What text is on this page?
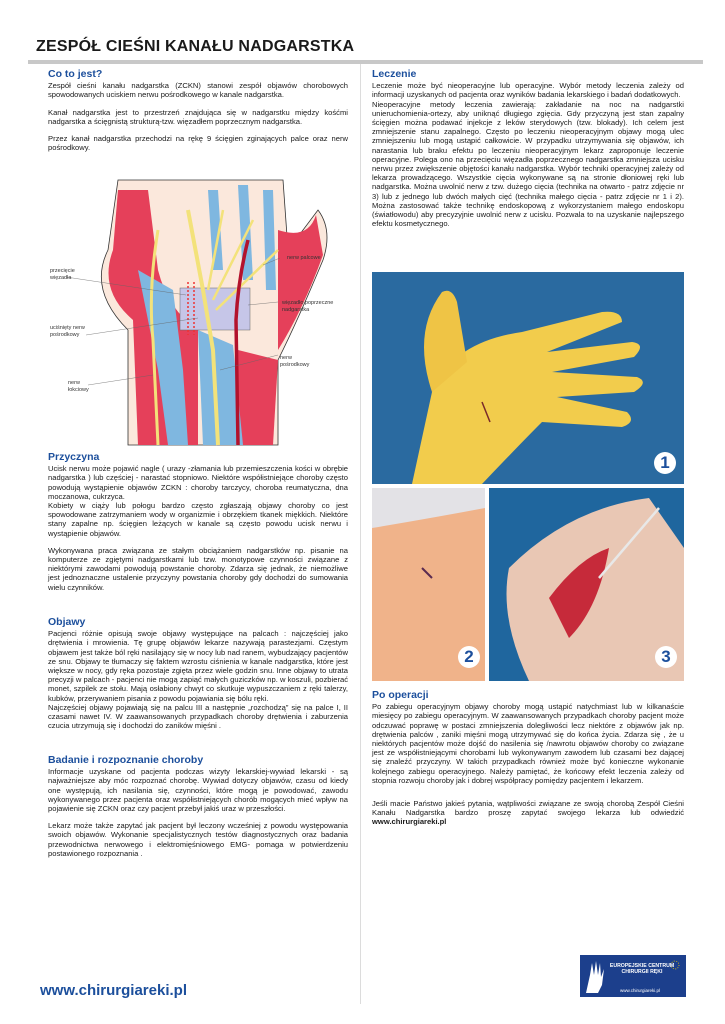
ZESPÓŁ CIEŚNI KANAŁU NADGARSTKA
Co to jest?

Zespół cieśni kanału nadgarstka (ZCKN) stanowi zespół objawów chorobowych spowodowanych uciskiem nerwu pośrodkowego w kanale nadgarstka.

Kanał nadgarstka jest to przestrzeń znajdująca się w nadgarstku między kośćmi nadgarstka a ścięgnistą strukturą-tzw. więzadłem poprzecznym nadgarstka.

Przez kanał nadgarstka przechodzi na rękę 9 ścięgien zginających palce oraz nerw pośrodkowy.

nerw palcowe
przecięcie więzadła
więzadło poprzeczne nadgarstka
uciśnięty nerw pośrodkowy
nerw pośrodkowy
nerw łokciowy
Przyczyna

Ucisk nerwu może pojawić nagle ( urazy -złamania lub przemieszczenia kości w obrębie nadgarstka ) lub częściej - narastać stopniowo. Niektóre współistniejące choroby często powodują wystąpienie objawów ZCKN : choroby tarczycy, choroba reumatyczna, dna moczanowa, cukrzyca.

Kobiety w ciąży lub połogu bardzo często zgłaszają objawy choroby co jest spowodowane zatrzymaniem wody w organizmie i obrzękiem tkanek miękkich. Niektóre stany zapalne np. ścięgien leżących w kanale są często powodu ucisk nerwu i wystąpienie objawów.

Wykonywana praca związana ze stałym obciążaniem nadgarstków np. pisanie na komputerze ze zgiętymi nadgarstkami lub tzw. monotypowe czynności związane z niektórymi zawodami powodują powstanie choroby. Zdarza się jednak, że niemożliwe jest jednoznaczne ustalenie przyczyny powstania choroby gdy dochodzi do sumowania wielu czynników.

Objawy

Pacjenci różnie opisują swoje objawy występujące na palcach : najczęściej jako drętwienia i mrowienia. Tę grupę objawów lekarze nazywają parastezjami. Częstym objawem jest także ból ręki nasilający się w nocy lub nad ranem, wybudzający pacjentów ze snu. Objawy te tłumaczy się faktem wzrostu ciśnienia w kanale nadgarstka, które jest większe w nocy, gdy ręka pozostaje zgięta przez wiele godzin snu. Inne objawy to utrata precyzji w palcach - pacjenci nie mogą zapiąć małych guziczków np. w koszuli, pozbierać monet, szpilek ze stołu. Mają osłabiony chwyt co skutkuje wypuszczaniem z ręki talerzy, kubków, przerywaniem pisania z powodu pojawiania się bólu ręki.

Najczęściej objawy pojawiają się na palcu III a następnie „rozchodzą” się na palce I, II czasami nawet IV. W zaawansowanych przypadkach choroby drętwienia i zaburzenia czucia utrzymują się i dochodzi do zaników mięśni .

Badanie i rozpoznanie choroby

Informacje uzyskane od pacjenta podczas wizyty lekarskiej-wywiad lekarski - są najważniejsze aby móc rozpoznać chorobę. Wywiad dotyczy objawów, czasu od kiedy one występują, ich nasilania się, czynności, które mogą je powodować, zawodu wykonywanego przez pacjenta oraz współistniejących chorób mogących mieć wpływ na pojawienie się ZCKN oraz czy pacjent przebył jakiś uraz w przeszłości.

Lekarz może także zapytać jak pacjent był leczony wcześniej z powodu występowania swoich objawów. Wykonanie specjalistycznych testów diagnostycznych oraz badania przewodnictwa nerwowego i elektromięśniowego EMG- pomaga w potwierdzeniu postawionego rozpoznania .

Leczenie

Leczenie może być nieoperacyjne lub operacyjne. Wybór metody leczenia zależy od informacji uzyskanych od pacjenta oraz wyników badania lekarskiego i badań dodatkowych.

Nieoperacyjne metody leczenia zawierają: zakładanie na noc na nadgarstki unieruchomienia-ortezy, aby uniknąć długiego zgięcia. Gdy przyczyną jest stan zapalny ścięgien można podawać injekcje z leków sterydowych (tzw. blokady). Ich celem jest zmniejszenie stanu zapalnego. Często po leczeniu nieoperacyjnym objawy mogą ulec zmniejszeniu lub mogą ustąpić całkowicie. W przypadku utrzymywania się objawów, ich narastania lub braku efektu po leczeniu nieoperacyjnym lekarz zaproponuje leczenie operacyjne. Polega ono na przecięciu więzadła poprzecznego nadgarstka zmniejsza ucisku nerwu przez zwiększenie objętości kanału nadgarstka. Wybór techniki operacyjnej zależy od lekarza prowadzącego. Wszystkie cięcia wykonywane są na stronie dłoniowej ręki lub nadgarstka. Można uwolnić nerw z tzw. dużego cięcia (technika na otwarto - patrz zdjęcie nr 3) lub z jednego lub dwóch małych cięć (technika małego cięcia - patrz zdjęcie nr 1 i 2). Można zastosować także technikę endoskopową z wykorzystaniem małego endoskopu (światłowodu) aby precyzyjnie uwolnić nerw z ucisku. Pozwala to na uzyskanie najlepszego efektu kosmetycznego.

1
2	3
Po operacji

Po zabiegu operacyjnym objawy choroby mogą ustąpić natychmiast lub w kilkanaście miesięcy po zabiegu operacyjnym. W zaawansowanych przypadkach choroby pacjent może odczuwać poprawę w postaci zmniejszenia dolegliwości lecz niektóre z objawów jak np. drętwienia palców , zaniki mięśni mogą utrzymywać się do końca życia. Zdarza się , że u niektórych pacjentów może dojść do nasilenia się /nawrotu objawów choroby co związane jest ze współistniejącymi chorobami lub wykonywanym zawodem lub czasami bez dającej się znaleźć przyczyny. W takich przypadkach również może być konieczne wykonanie kolejnego zabiegu operacyjnego. Należy pamiętać, że końcowy efekt leczenia zależy od stopnia rozwoju choroby jak i dobrej współpracy pomiędzy pacjentem i lekarzem.

Jeśli macie Państwo jakieś pytania, wątpliwości związane ze swoją chorobą Zespół Cieśni Kanału Nadgarstka bardzo proszę zapytać swojego lekarza lub odwiedzić www.chirurgiareki.pl

www.chirurgiareki.pl
EUROPEJSKIE CENTRUM
CHIRURGII RĘKI
www.chirurgiareki.pl
